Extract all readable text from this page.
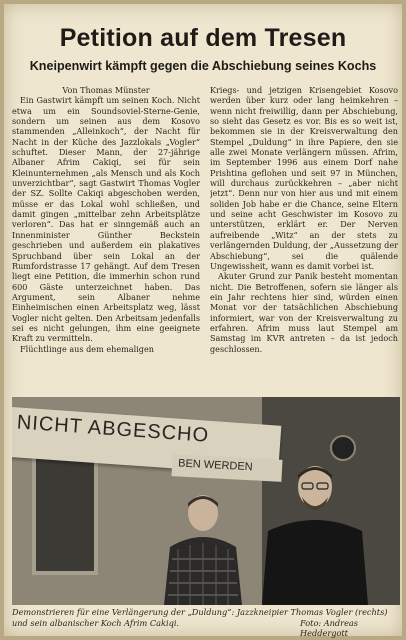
Petition auf dem Tresen
Kneipenwirt kämpft gegen die Abschiebung seines Kochs

Von Thomas Münster

Ein Gastwirt kämpft um seinen Koch. Nicht etwa um ein Soundsoviel-Sterne-Genie, sondern um seinen aus dem Kosovo stammenden „Alleinkoch“, der Nacht für Nacht in der Küche des Jazzlokals „Vogler“ schuftet. Dieser Mann, der 27-jährige Albaner Afrim Cakiqi, sei für sein Kleinunternehmen „als Mensch und als Koch unverzichtbar“, sagt Gastwirt Thomas Vogler der SZ. Sollte Cakiqi abgeschoben werden, müsse er das Lokal wohl schließen, und damit gingen „mittelbar zehn Arbeitsplätze verloren“. Das hat er sinngemäß auch an Innenminister Günther Beckstein geschrieben und außerdem ein plakatives Spruchband über sein Lokal an der Rumfordstrasse 17 gehängt. Auf dem Tresen liegt eine Petition, die immerhin schon rund 600 Gäste unterzeichnet haben. Das Argument, sein Albaner nehme Einheimischen einen Arbeitsplatz weg, lässt Vogler nicht gelten. Den Arbeitsam jedenfalls sei es nicht gelungen, ihm eine geeignete Kraft zu vermitteln.

Flüchtlinge aus dem ehemaligen

Kriegs- und jetzigen Krisengebiet Kosovo werden über kurz oder lang heimkehren – wenn nicht freiwillig, dann per Abschiebung, so sieht das Gesetz es vor. Bis es so weit ist, bekommen sie in der Kreisverwaltung den Stempel „Duldung“ in ihre Papiere, den sie alle zwei Monate verlängern müssen. Afrim, im September 1996 aus einem Dorf nahe Prishtina geflohen und seit 97 in München, will durchaus zurückkehren – „aber nicht jetzt“. Denn nur von hier aus und mit einem soliden Job habe er die Chance, seine Eltern und seine acht Geschwister im Kosovo zu unterstützen, erklärt er. Der Nerven aufreibende „Witz“ an der stets zu verlängernden Duldung, der „Aussetzung der Abschiebung“, sei die quälende Ungewissheit, wann es damit vorbei ist.

Akuter Grund zur Panik besteht momentan nicht. Die Betroffenen, sofern sie länger als ein Jahr rechtens hier sind, würden einen Monat vor der tatsächlichen Abschiebung informiert, war von der Kreisverwaltung zu erfahren. Afrim muss laut Stempel am Samstag im KVR antreten – da ist jedoch geschlossen.

NICHT ABGESCHO
BEN WERDEN

Demonstrieren für eine Verlängerung der „Duldung“: Jazzkneipier Thomas Vogler (rechts) und sein albanischer Koch Afrim Cakiqi.	Foto: Andreas Heddergott
